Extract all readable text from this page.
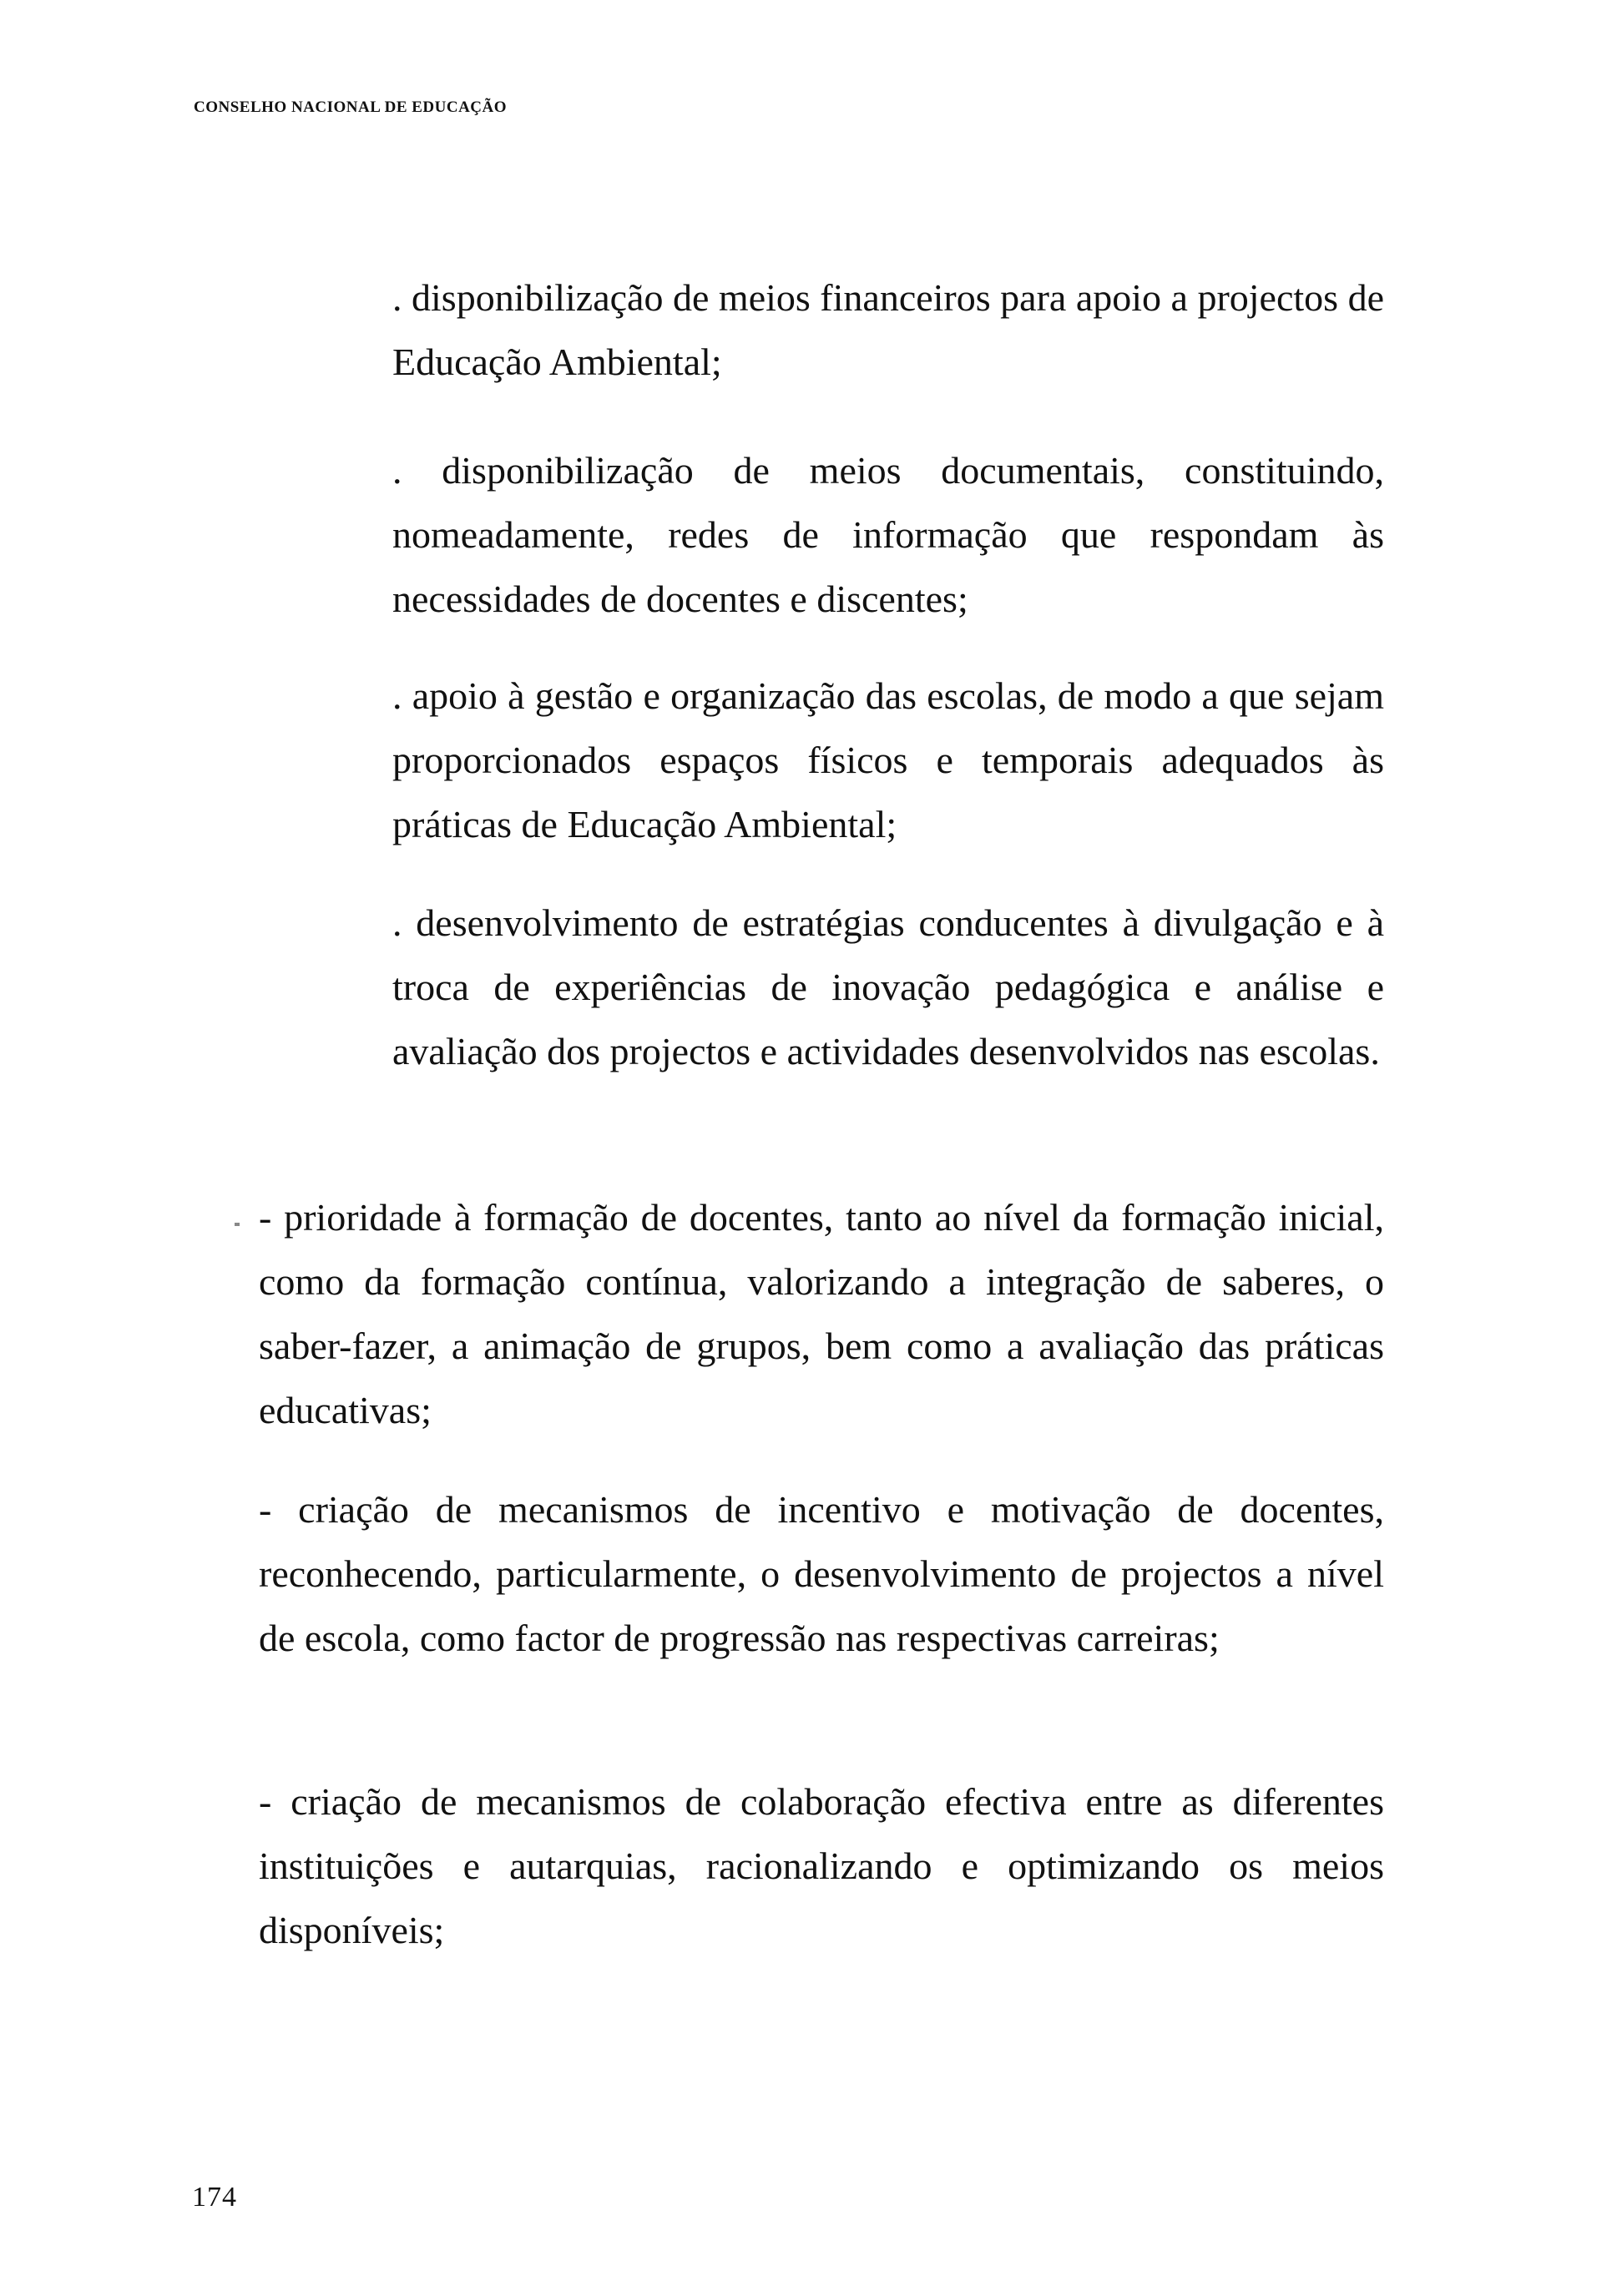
CONSELHO NACIONAL DE EDUCAÇÃO

. disponibilização de meios financeiros para apoio a projectos de Educação Ambiental;

. disponibilização de meios documentais, constituindo, nomeadamente, redes de informação que respondam às necessidades de docentes e discentes;

. apoio à gestão e organização das escolas, de modo a que sejam proporcionados espaços físicos e temporais adequados às práticas de Educação Ambiental;

. desenvolvimento de estratégias conducentes à divulgação e à troca de experiências de inovação pedagógica e análise e avaliação dos projectos e actividades desenvolvidos nas escolas.

- prioridade à formação de docentes, tanto ao nível da formação inicial, como da formação contínua, valorizando a integração de saberes, o saber-fazer, a animação de grupos, bem como a avaliação das práticas educativas;

- criação de mecanismos de incentivo e motivação de docentes, reconhecendo, particularmente, o desenvolvimento de projectos a nível de escola, como factor de progressão nas respectivas carreiras;

- criação de mecanismos de colaboração efectiva entre as diferentes instituições e autarquias, racionalizando e optimizando os meios disponíveis;

174
